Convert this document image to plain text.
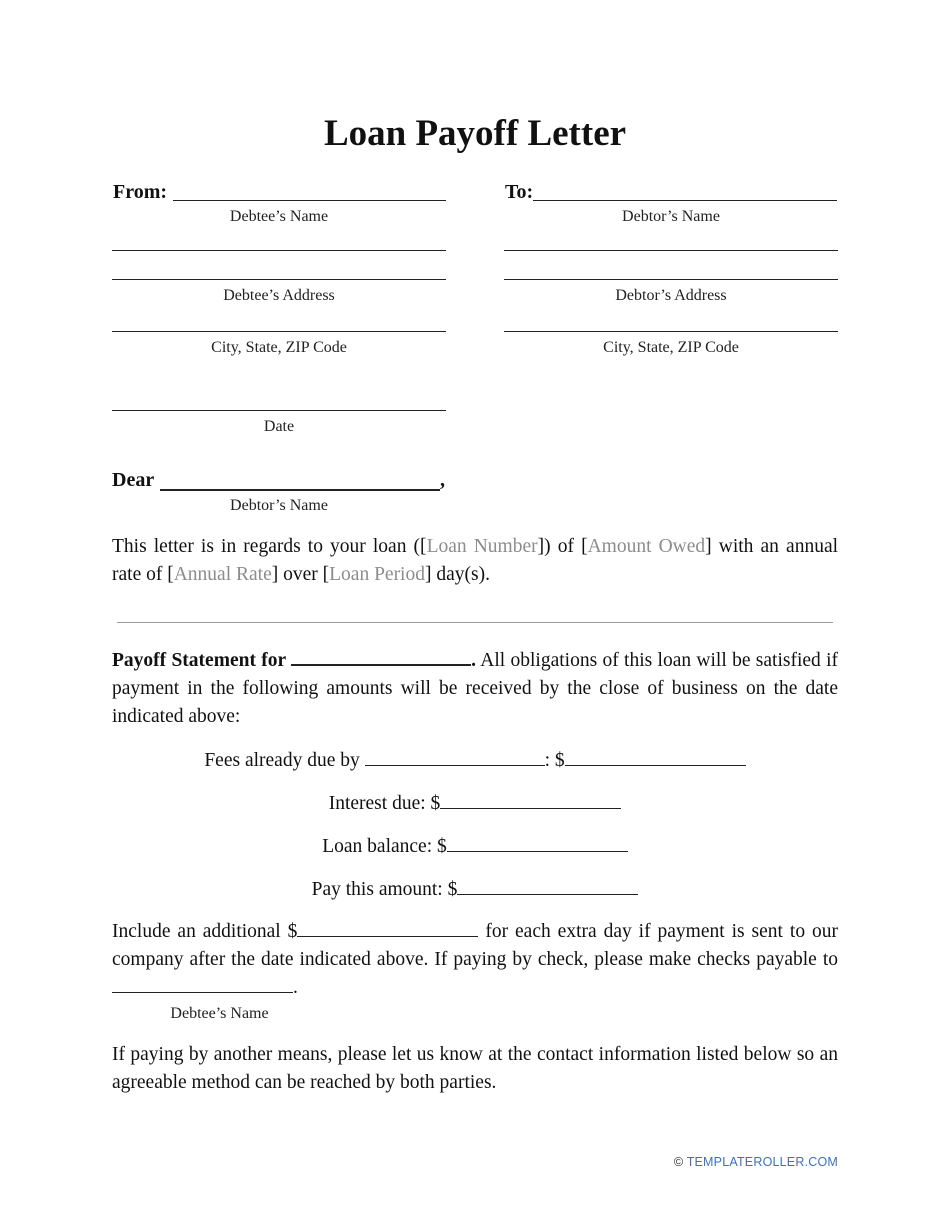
Loan Payoff Letter
From:
Debtee’s Name
Debtee’s Address
City, State, ZIP Code
Date
To:
Debtor’s Name
Debtor’s Address
City, State, ZIP Code
Dear	,
Debtor’s Name
This letter is in regards to your loan ([Loan Number]) of [Amount Owed] with an annual rate of [Annual Rate] over [Loan Period] day(s).
Payoff Statement for	. All obligations of this loan will be satisfied if payment in the following amounts will be received by the close of business on the date indicated above:
Fees already due by	: $
Interest due: $
Loan balance: $
Pay this amount: $
Include an additional $	for each extra day if payment is sent to our company after the date indicated above. If paying by check, please make checks payable to .
Debtee’s Name
If paying by another means, please let us know at the contact information listed below so an agreeable method can be reached by both parties.
© TEMPLATEROLLER.COM
